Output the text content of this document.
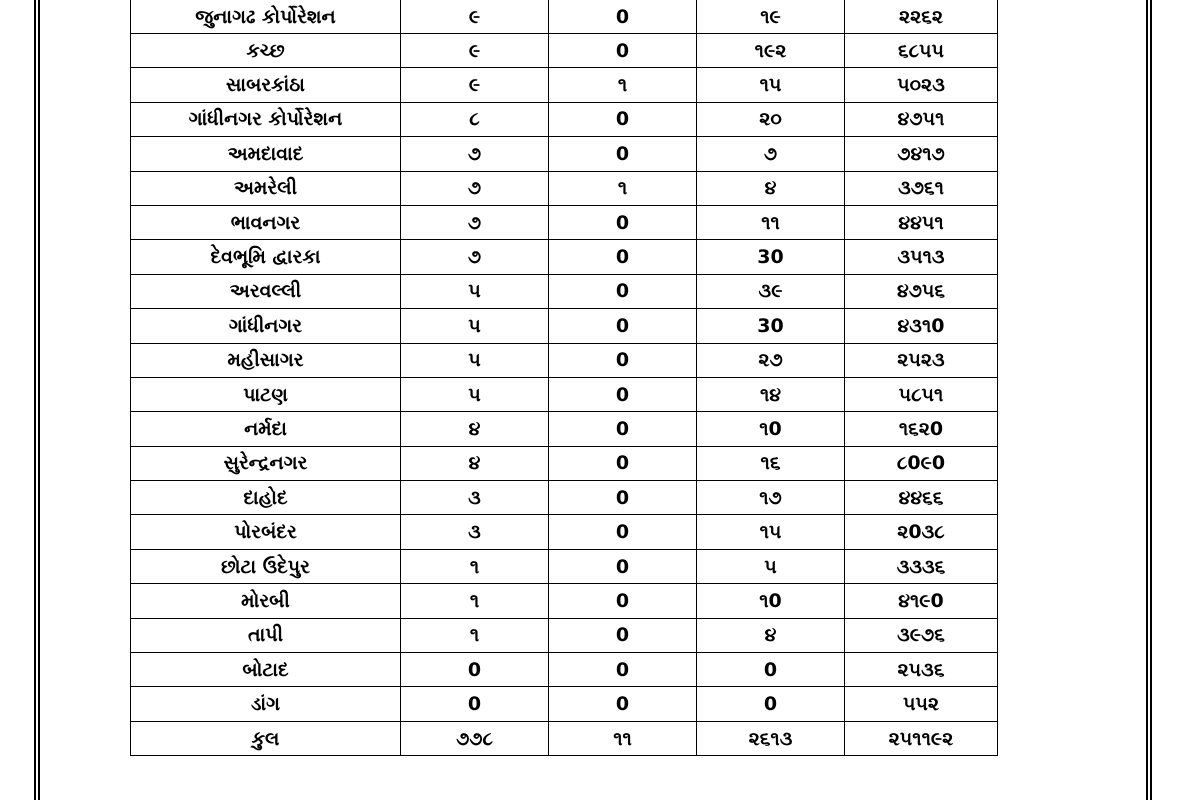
જુનાગઢ કોર્પોરેશન	૯	0	૧૯	૨૨૬૨
કચ્છ	૯	0	૧૯૨	૬૮૫૫
સાબરકાંઠા	૯	૧	૧૫	૫૦૨૩
ગાંધીનગર કોર્પોરેશન	૮	0	૨૦	૪૭૫૧
અમદાવાદ	૭	0	૭	૭૪૧૭
અમરેલી	૭	૧	૪	૩૭૬૧
ભાવનગર	૭	0	૧૧	૪૪૫૧
દેવભૂમિ દ્વારકા	૭	0	30	૩૫૧૩
અરવલ્લી	૫	0	૩૯	૪૭૫૬
ગાંધીનગર	૫	0	30	૪૩૧0
મહીસાગર	૫	0	૨૭	૨૫૨૩
પાટણ	૫	0	૧૪	૫૮૫૧
નર્મદા	૪	0	૧0	૧૬૨0
સુરેન્દ્રનગર	૪	0	૧૬	૮0૯0
દાહોદ	૩	0	૧૭	૪૪૬૬
પોરબંદર	૩	0	૧૫	૨0૩૮
છોટા ઉદેપુર	૧	0	૫	૩૩૩૬
મોરબી	૧	0	૧0	૪૧૯0
તાપી	૧	0	૪	૩૯૭૬
બોટાદ	0	0	0	૨૫૩૬
ડાંગ	0	0	0	૫૫૨
કુલ	૭૭૮	૧૧	૨૬૧૩	૨૫૧૧૯૨
